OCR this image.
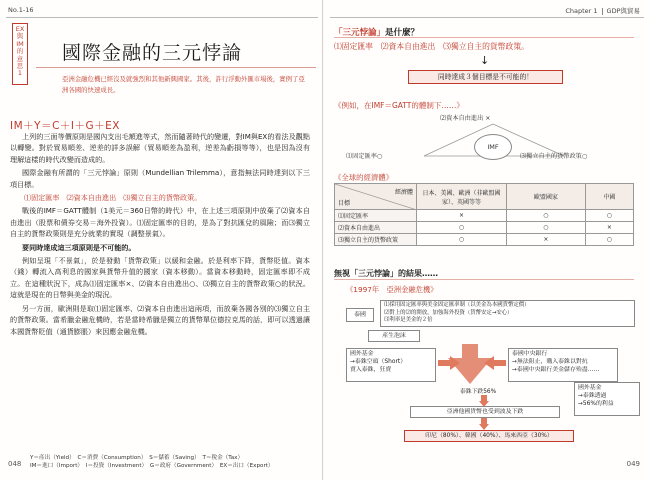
No.1-16
EX
與
IM
的
意
思
1
國際金融的三元悖論
亞洲金融危機已經沒及就強烈和其他新興國家。其後，許行浮動外匯市場後，實例了亞洲各國的快速成長。
IM＋Y＝C＋I＋G＋EX

上列的三面等價原則是國內支出毛額進等式，然而隨著時代的變遷，對IM與EX的看法及觀點以轉變。對於貿易順差、逆差的詳多誤解（貿易順差為盈利，逆差為虧損等等），也是因為沒有理解這樣的時代改變而造成的。

國際金融有所謂的「三元悖論」原則（Mundellian Trilemma），意指無法同時達到以下三項目標。

⑴固定匯率　⑵資本自由進出　⑶獨立自主的貨幣政策。

戰後的IMF＝GATT體制（1美元＝360日幣的時代）中，在上述三項原則中放棄了⑵資本自由進出（股票和債券交易＝海外投資）。⑴固定匯率的目的，是為了對抗匯兌的風險；而⑶獨立自主的貨幣政策則是充分就業的實現（調整景氣）。

要同時達成這三項原則是不可能的。

例如呈現「不景氣」，於是發動「貨幣政策」以緩和金融。於是利率下降，貨幣貶值。資本（錢）轉流入高利息的國家與貨幣升值的國家（資本移動）。當資本移動時，固定匯率即不成立。在這種狀況下，成為⑴固定匯率×、⑵資本自由進出○、⑶獨立自主的貨幣政策○的狀況。這就是現在的日幣與美金的現況。

另一方面，歐洲則是取⑴固定匯率、⑵資本自由進出這兩項，而放棄各國各別的⑶獨立自主的貨幣政策。當希臘金融危機時，若是當時希臘是獨立的貨幣單位德拉克馬的話，即可以透過讓本國貨幣貶值（通貨膨脹）來因應金融危機。

048
Y＝產出（Yield）　C＝消費（Consumption）　S＝儲蓄（Saving）　T＝稅金（Tax）
IM＝進口（Import）　I＝投資（Investment）　G＝政府（Government）　EX＝出口（Export）
Chapter 1 GDP與貿易
「三元悖論」是什麼？
⑴固定匯率　⑵資本自由進出　⑶獨立自主的貨幣政策。
↓
同時達成３個目標是不可能的！
《例如，在IMF＝GATT的體制下……》
⑵資本自由進出 ×
⑴固定匯率○	⑶獨立自主的貨幣政策○
IMF
《全球的經濟體》
經濟體
目標	日本、美國、歐洲（非歐盟國家）、英國等等	歐盟國家	中國
⑴固定匯率	×	○	○
⑵資本自由進出	○	○	×
⑶獨立自主的貨幣政策	○	×	○
無視「三元悖論」的結果……
《1997年　亞洲金融危機》
泰國
⑴採用固定匯率與美金固定匯率制（以美金為本國貨幣定價）
⑵對上的⑵的開放，加強海外投資（貨幣安定→安心）
⑶利率是美金的２倍
產生泡沫
國外基金
→泰銖空頭（Short）
賣入泰銖，狂賣
泰國中央銀行
→無法阻止，購入泰銖以對抗
→泰國中央銀行美金儲存殆盡……
泰銖下跌56%
國外基金
→泰銖透過
→56%的利益
亞洲他國貨幣也受到波及下跌
印尼（80%）、韓國（40%）、馬來西亞（30%）
049
